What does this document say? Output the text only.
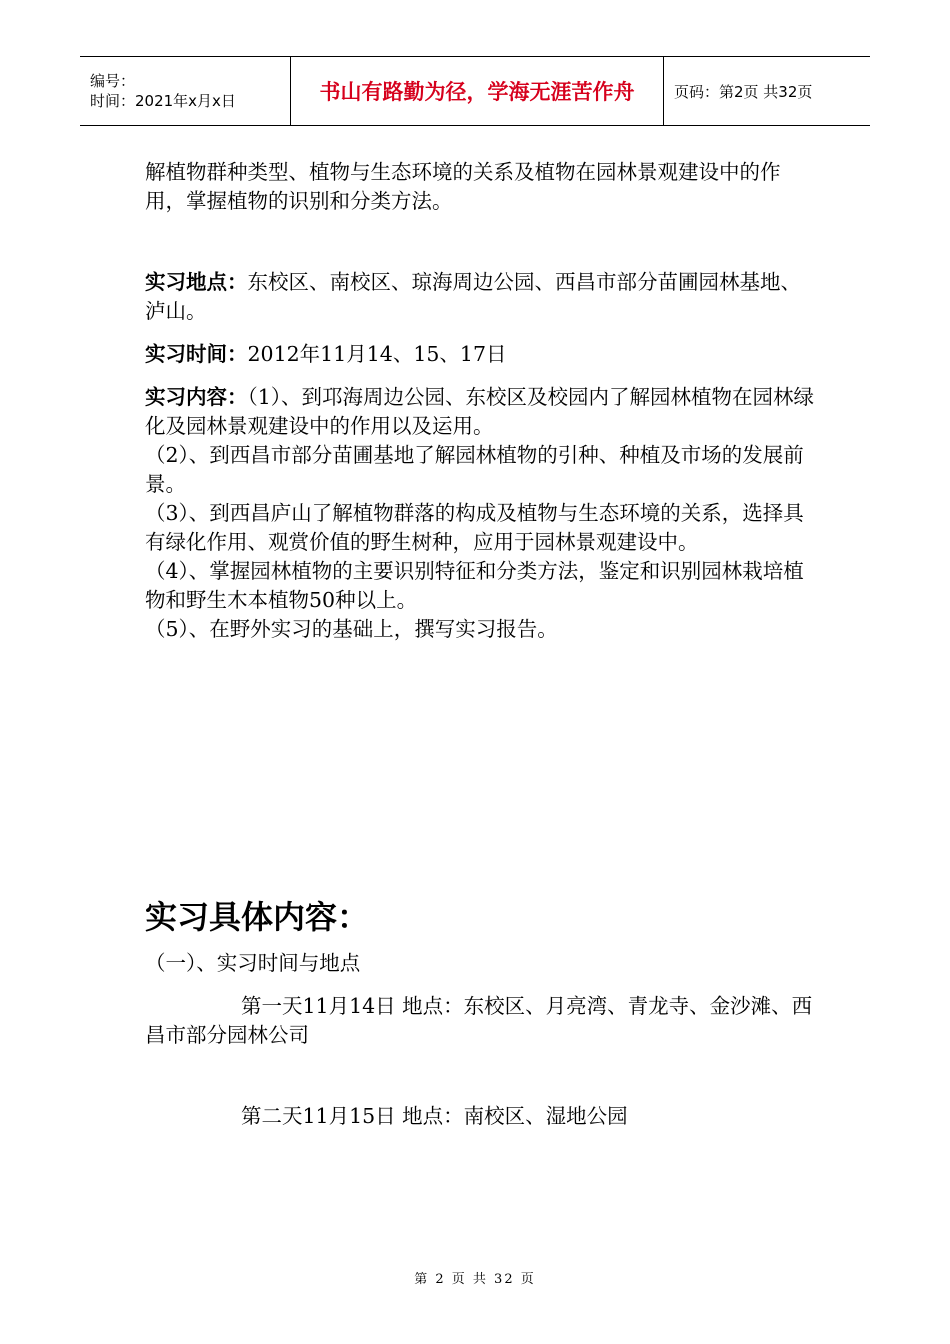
编号：
时间：2021年x月x日	书山有路勤为径，学海无涯苦作舟	页码：第2页 共32页

解植物群种类型、植物与生态环境的关系及植物在园林景观建设中的作用，掌握植物的识别和分类方法。

实习地点：东校区、南校区、琼海周边公园、西昌市部分苗圃园林基地、泸山。

实习时间：2012年11月14、15、17日

实习内容：（1）、到邛海周边公园、东校区及校园内了解园林植物在园林绿化及园林景观建设中的作用以及运用。

（2）、到西昌市部分苗圃基地了解园林植物的引种、种植及市场的发展前景。

（3）、到西昌庐山了解植物群落的构成及植物与生态环境的关系，选择具有绿化作用、观赏价值的野生树种，应用于园林景观建设中。

（4）、掌握园林植物的主要识别特征和分类方法，鉴定和识别园林栽培植物和野生木本植物50种以上。

（5）、在野外实习的基础上，撰写实习报告。

实习具体内容：

（一）、实习时间与地点

第一天11月14日 地点：东校区、月亮湾、青龙寺、金沙滩、西昌市部分园林公司

第二天11月15日 地点：南校区、湿地公园

第 2 页 共 32 页
